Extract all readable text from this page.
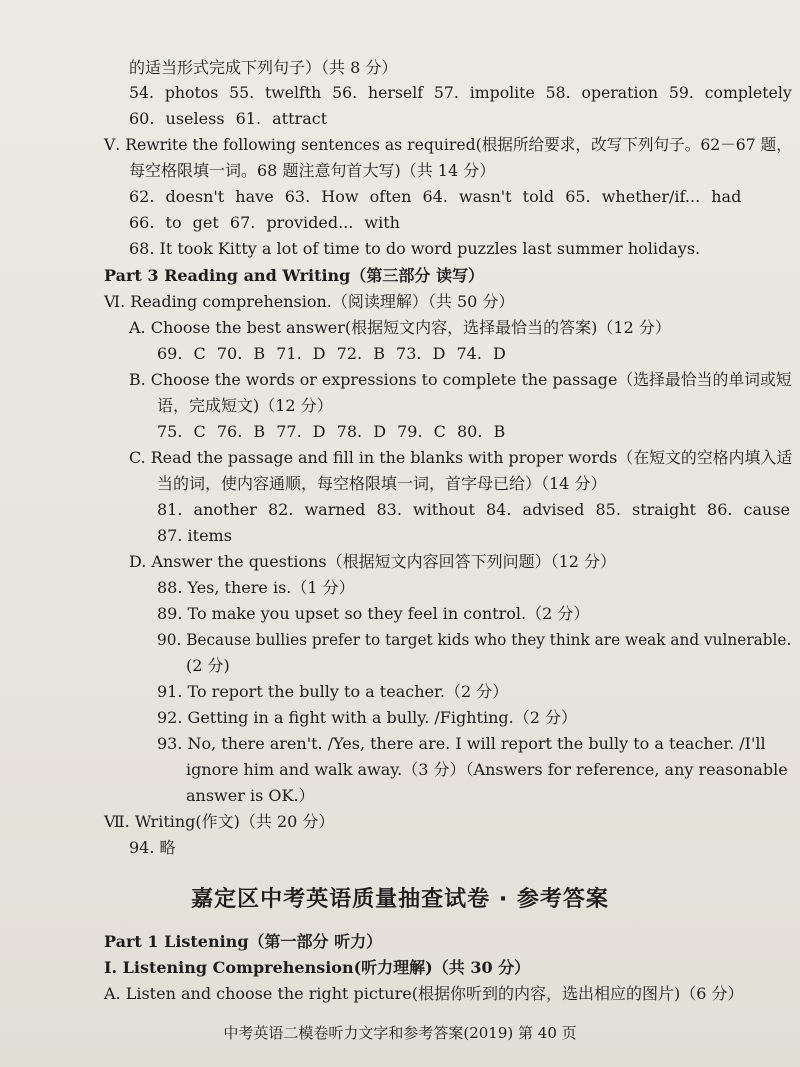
的适当形式完成下列句子）（共 8 分）
54. photos 55. twelfth 56. herself 57. impolite 58. operation 59. completely
60. useless 61. attract
Ⅴ. Rewrite the following sentences as required(根据所给要求，改写下列句子。62－67 题，
每空格限填一词。68 题注意句首大写)（共 14 分）
62. doesn't have 63. How often 64. wasn't told 65. whether/if... had
66. to get 67. provided... with
68. It took Kitty a lot of time to do word puzzles last summer holidays.
Part 3 Reading and Writing（第三部分 读写）
Ⅵ. Reading comprehension.（阅读理解）（共 50 分）
A. Choose the best answer(根据短文内容，选择最恰当的答案)（12 分）
69. C 70. B 71. D 72. B 73. D 74. D
B. Choose the words or expressions to complete the passage（选择最恰当的单词或短
语，完成短文)（12 分）
75. C 76. B 77. D 78. D 79. C 80. B
C. Read the passage and fill in the blanks with proper words（在短文的空格内填入适
当的词，使内容通顺，每空格限填一词，首字母已给）（14 分）
81. another 82. warned 83. without 84. advised 85. straight 86. cause
87. items
D. Answer the questions（根据短文内容回答下列问题）（12 分）
88. Yes, there is.（1 分）
89. To make you upset so they feel in control.（2 分）
90. Because bullies prefer to target kids who they think are weak and vulnerable.
(2 分)
91. To report the bully to a teacher.（2 分）
92. Getting in a fight with a bully. /Fighting.（2 分）
93. No, there aren't. /Yes, there are. I will report the bully to a teacher. /I'll
ignore him and walk away.（3 分）（Answers for reference, any reasonable
answer is OK.）
Ⅶ. Writing(作文)（共 20 分）
94. 略
嘉定区中考英语质量抽查试卷 · 参考答案
Part 1 Listening（第一部分 听力）
Ⅰ. Listening Comprehension(听力理解)（共 30 分）
A. Listen and choose the right picture(根据你听到的内容，选出相应的图片)（6 分）
中考英语二模卷听力文字和参考答案(2019) 第 40 页
